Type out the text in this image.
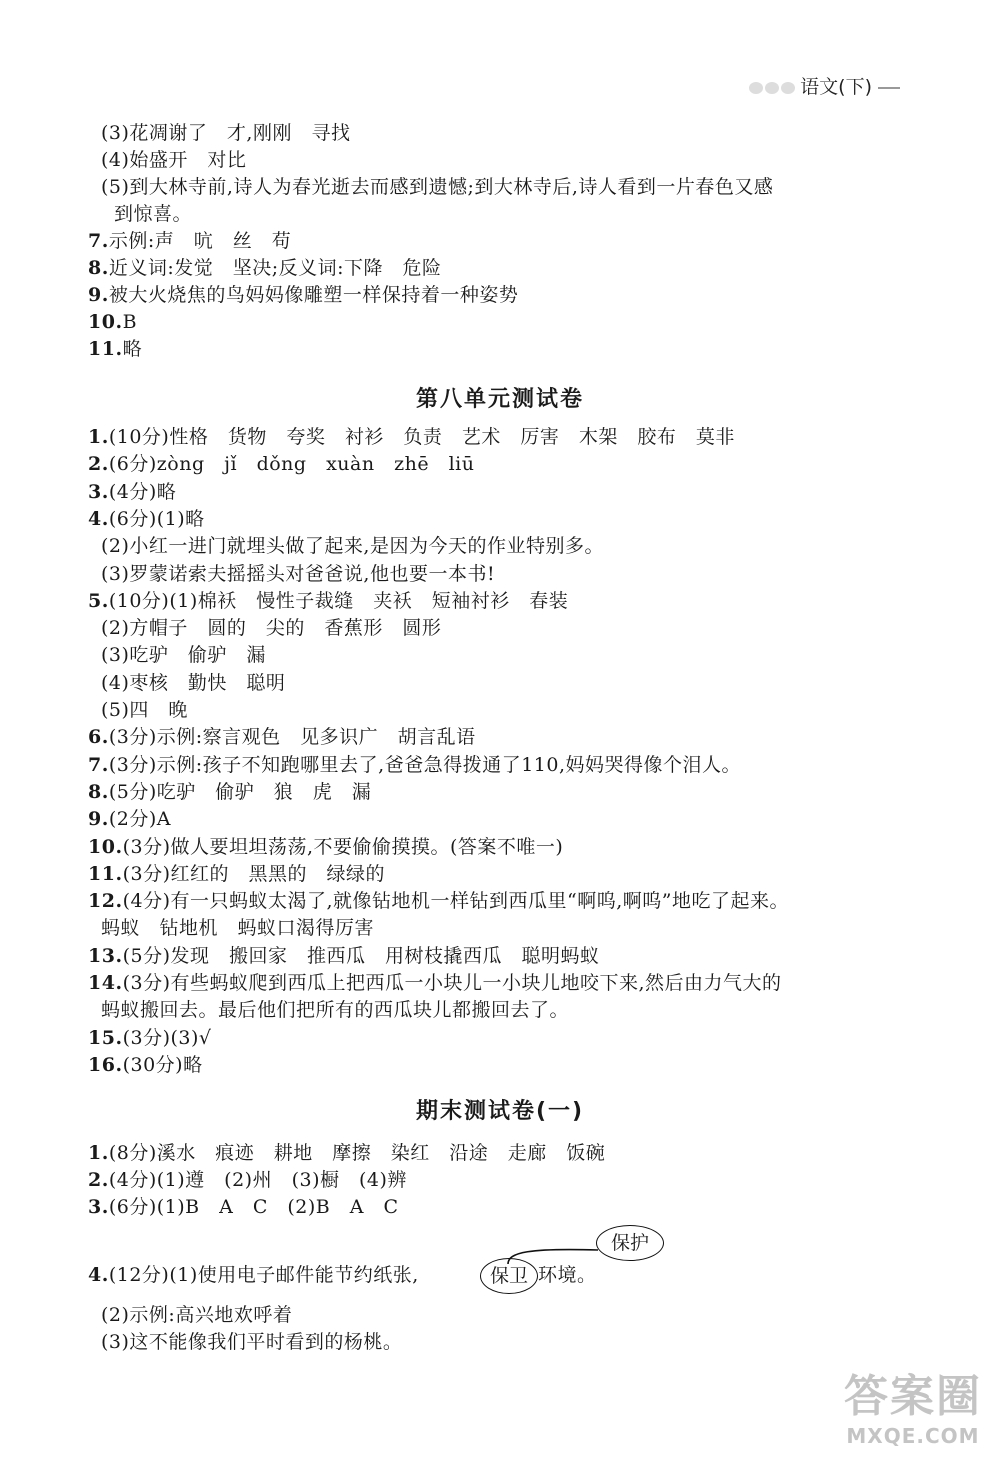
语文(下)
(3)花凋谢了　才,刚刚　寻找
(4)始盛开　对比
(5)到大林寺前,诗人为春光逝去而感到遗憾;到大林寺后,诗人看到一片春色又感
到惊喜。
7.示例:声　吭　丝　苟
8.近义词:发觉　坚决;反义词:下降　危险
9.被大火烧焦的鸟妈妈像雕塑一样保持着一种姿势
10.B
11.略
第八单元测试卷
1.(10分)性格　货物　夸奖　衬衫　负责　艺术　厉害　木架　胶布　莫非
2.(6分)zòng　jǐ　dǒng　xuàn　zhē　liū
3.(4分)略
4.(6分)(1)略
(2)小红一进门就埋头做了起来,是因为今天的作业特别多。
(3)罗蒙诺索夫摇摇头对爸爸说,他也要一本书!
5.(10分)(1)棉袄　慢性子裁缝　夹袄　短袖衬衫　春装
(2)方帽子　圆的　尖的　香蕉形　圆形
(3)吃驴　偷驴　漏
(4)枣核　勤快　聪明
(5)四　晚
6.(3分)示例:察言观色　见多识广　胡言乱语
7.(3分)示例:孩子不知跑哪里去了,爸爸急得拨通了110,妈妈哭得像个泪人。
8.(5分)吃驴　偷驴　狼　虎　漏
9.(2分)A
10.(3分)做人要坦坦荡荡,不要偷偷摸摸。(答案不唯一)
11.(3分)红红的　黑黑的　绿绿的
12.(4分)有一只蚂蚁太渴了,就像钻地机一样钻到西瓜里“啊呜,啊呜”地吃了起来。
蚂蚁　钻地机　蚂蚁口渴得厉害
13.(5分)发现　搬回家　推西瓜　用树枝撬西瓜　聪明蚂蚁
14.(3分)有些蚂蚁爬到西瓜上把西瓜一小块儿一小块儿地咬下来,然后由力气大的
蚂蚁搬回去。最后他们把所有的西瓜块儿都搬回去了。
15.(3分)(3)√
16.(30分)略
期末测试卷(一)
1.(8分)溪水　痕迹　耕地　摩擦　染红　沿途　走廊　饭碗
2.(4分)(1)遵　(2)州　(3)橱　(4)辨
3.(6分)(1)B　A　C　(2)B　A　C
4.(12分)(1)使用电子邮件能节约纸张,	保卫 环境。
保护
(2)示例:高兴地欢呼着
(3)这不能像我们平时看到的杨桃。
答案圈
MXQE.COM
